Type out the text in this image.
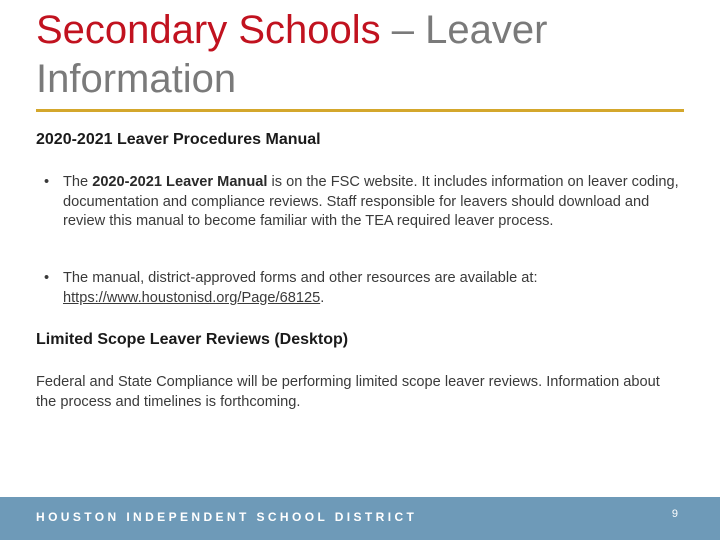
Secondary Schools – Leaver
Information
2020-2021 Leaver Procedures Manual

• The 2020-2021 Leaver Manual is on the FSC website. It includes information on leaver coding, documentation and compliance reviews. Staff responsible for leavers should download and review this manual to become familiar with the TEA required leaver process.

• The manual, district-approved forms and other resources are available at: https://www.houstonisd.org/Page/68125.

Limited Scope Leaver Reviews (Desktop)

Federal and State Compliance will be performing limited scope leaver reviews. Information about the process and timelines is forthcoming.

HOUSTON INDEPENDENT SCHOOL DISTRICT	9
